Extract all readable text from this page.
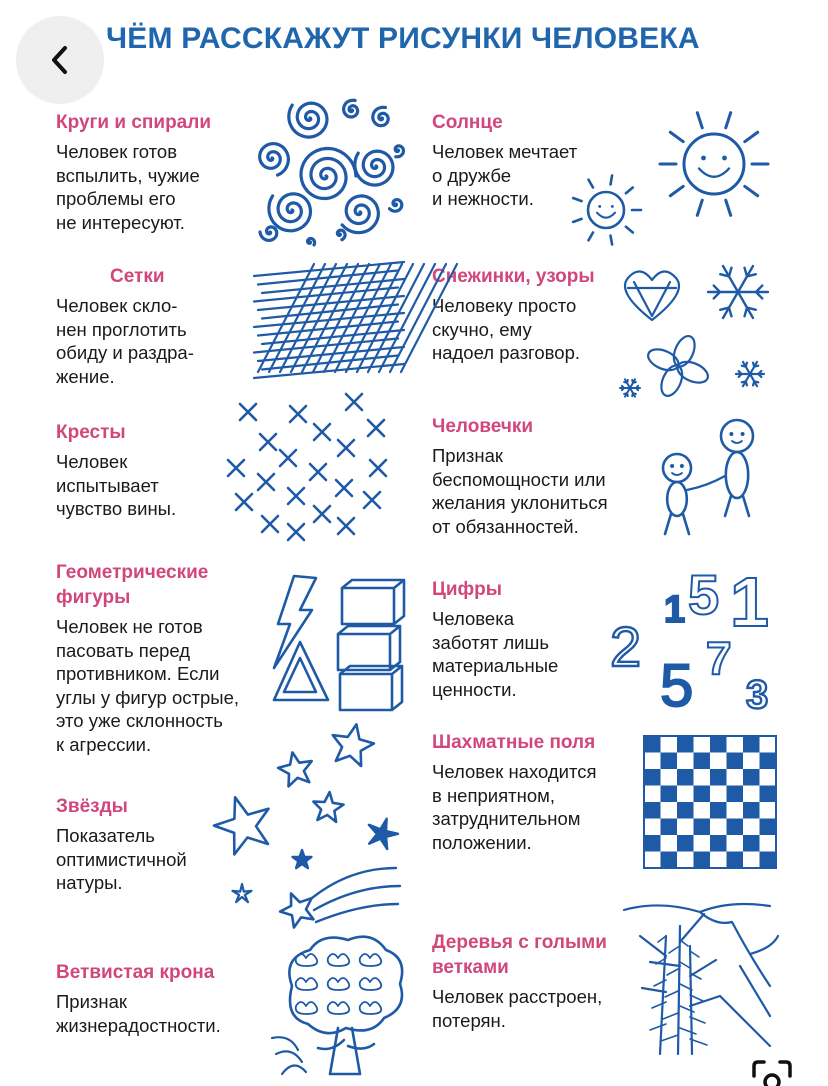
ЧЁМ РАССКАЖУТ РИСУНКИ ЧЕЛОВЕКА
Круги и спирали
Человек готов
вспылить, чужие
проблемы его
не интересуют.
Сетки
Человек скло-
нен проглотить
обиду и раздра-
жение.
Кресты
Человек
испытывает
чувство вины.
Геометрические
фигуры
Человек не готов
пасовать перед
противником. Если
углы у фигур острые,
это уже склонность
к агрессии.
Звёзды
Показатель
оптимистичной
натуры.
Ветвистая крона
Признак
жизнерадостности.
Солнце
Человек мечтает
о дружбе
и нежности.
Снежинки, узоры
Человеку просто
скучно, ему
надоел разговор.
Человечки
Признак
беспомощности или
желания уклониться
от обязанностей.
Цифры
Человека
заботят лишь
материальные
ценности.
Шахматные поля
Человек находится
в неприятном,
затруднительном
положении.
Деревья с голыми
ветками
Человек расстроен,
потерян.
2
1 5 1
5 7
3
